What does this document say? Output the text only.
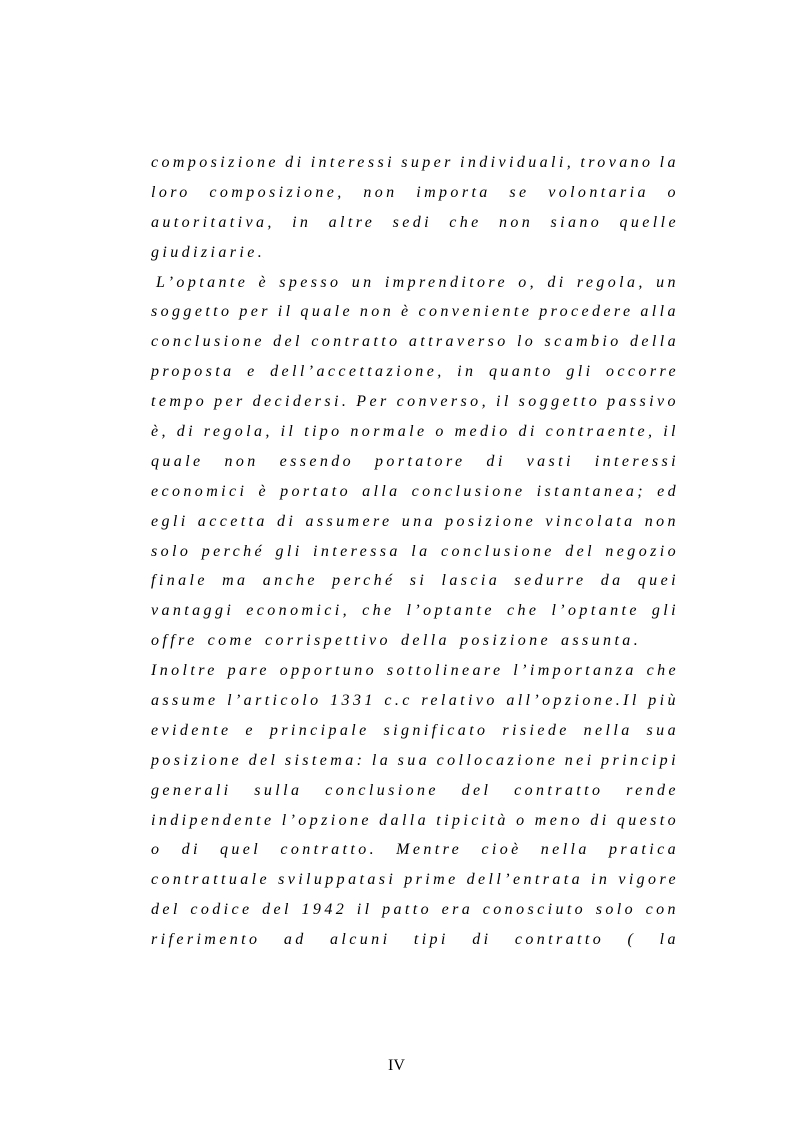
composizione di interessi super individuali, trovano la
loro composizione, non importa se volontaria o
autoritativa, in altre sedi che non siano quelle
giudiziarie.
L’optante è spesso un imprenditore o, di regola, un
soggetto per il quale non è conveniente procedere alla
conclusione del contratto attraverso lo scambio della
proposta e dell’accettazione, in quanto gli occorre
tempo per decidersi. Per converso, il soggetto passivo
è, di regola, il tipo normale o medio di contraente, il
quale non essendo portatore di vasti interessi
economici è portato alla conclusione istantanea; ed
egli accetta di assumere una posizione vincolata non
solo perché gli interessa la conclusione del negozio
finale ma anche perché si lascia sedurre da quei
vantaggi economici, che l’optante che l’optante gli
offre come corrispettivo della posizione assunta.
Inoltre pare opportuno sottolineare l’importanza che
assume l’articolo 1331 c.c relativo all’opzione.Il più
evidente e principale significato risiede nella sua
posizione del sistema: la sua collocazione nei principi
generali sulla conclusione del contratto rende
indipendente l’opzione dalla tipicità o meno di questo
o di quel contratto. Mentre cioè nella pratica
contrattuale sviluppatasi prime dell’entrata in vigore
del codice del 1942 il patto era conosciuto solo con
riferimento ad alcuni tipi di contratto ( la
IV
